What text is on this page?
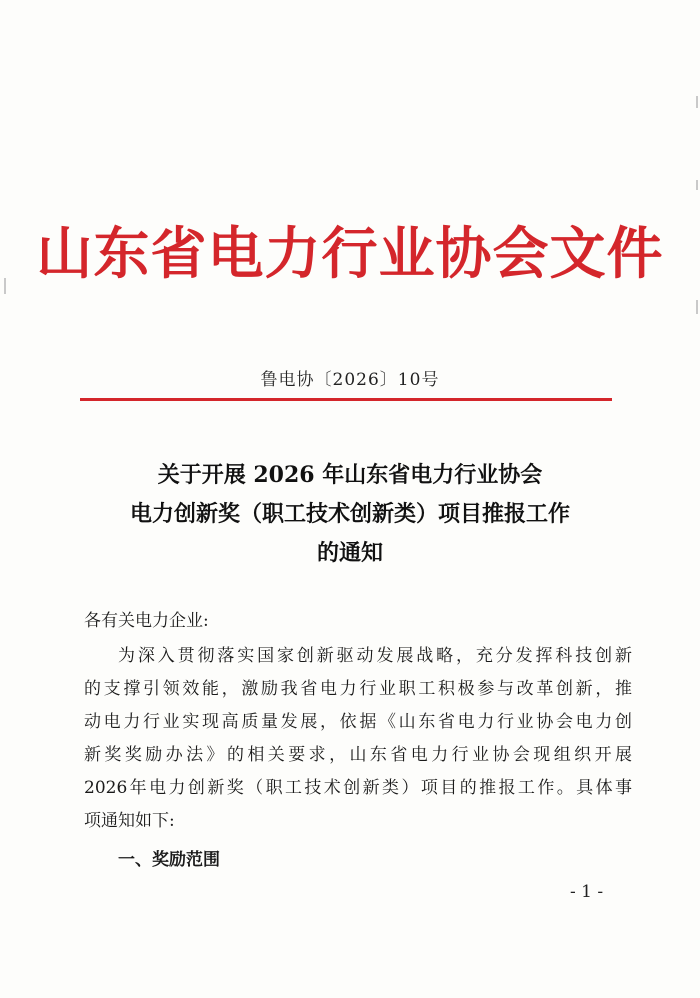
山东省电力行业协会文件
鲁电协〔2026〕10号
关于开展 2026 年山东省电力行业协会
电力创新奖（职工技术创新类）项目推报工作
的通知
各有关电力企业:
为深入贯彻落实国家创新驱动发展战略，充分发挥科技创新
的支撑引领效能，激励我省电力行业职工积极参与改革创新，推
动电力行业实现高质量发展，依据《山东省电力行业协会电力创
新奖奖励办法》的相关要求，山东省电力行业协会现组织开展
2026年电力创新奖（职工技术创新类）项目的推报工作。具体事
项通知如下:
一、奖励范围
- 1 -
